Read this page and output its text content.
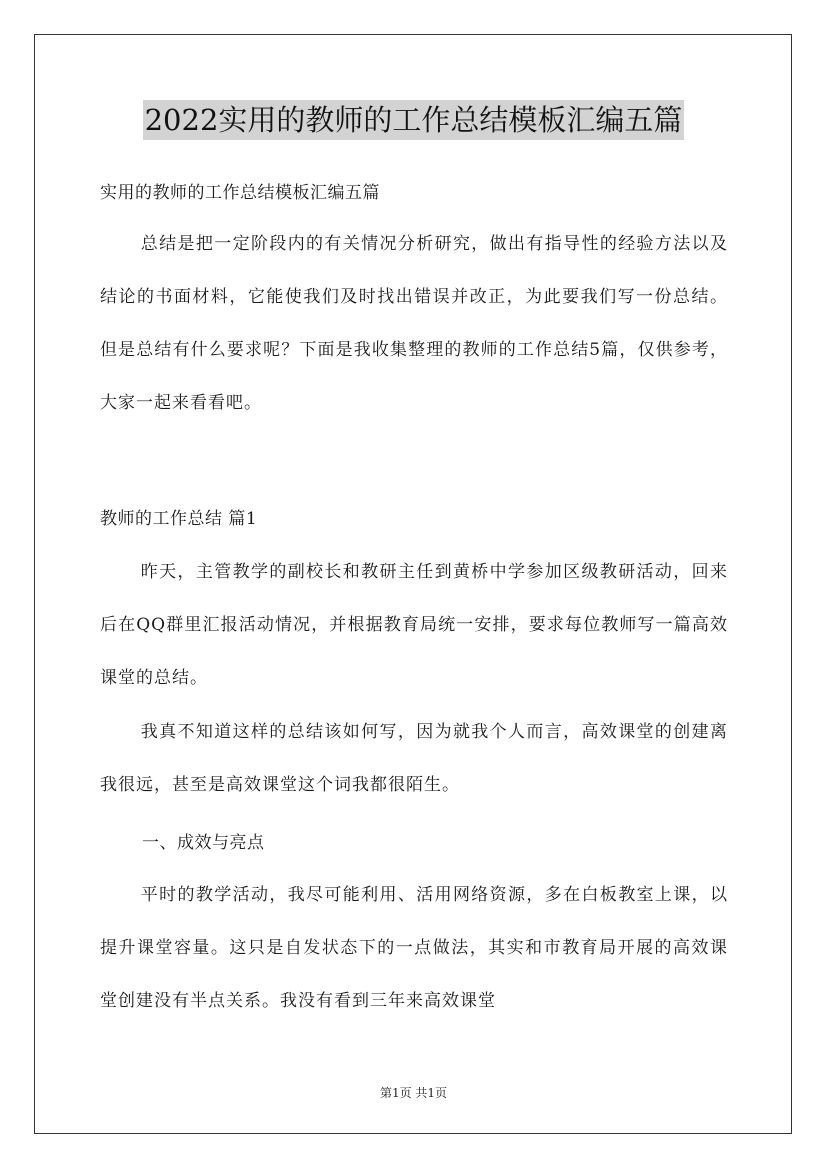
2022实用的教师的工作总结模板汇编五篇
实用的教师的工作总结模板汇编五篇
总结是把一定阶段内的有关情况分析研究，做出有指导性的经验方法以及结论的书面材料，它能使我们及时找出错误并改正，为此要我们写一份总结。但是总结有什么要求呢？下面是我收集整理的教师的工作总结5篇，仅供参考，大家一起来看看吧。
教师的工作总结 篇1
昨天，主管教学的副校长和教研主任到黄桥中学参加区级教研活动，回来后在QQ群里汇报活动情况，并根据教育局统一安排，要求每位教师写一篇高效课堂的总结。
我真不知道这样的总结该如何写，因为就我个人而言，高效课堂的创建离我很远，甚至是高效课堂这个词我都很陌生。
一、成效与亮点
平时的教学活动，我尽可能利用、活用网络资源，多在白板教室上课，以提升课堂容量。这只是自发状态下的一点做法，其实和市教育局开展的高效课堂创建没有半点关系。我没有看到三年来高效课堂
第1页 共1页
